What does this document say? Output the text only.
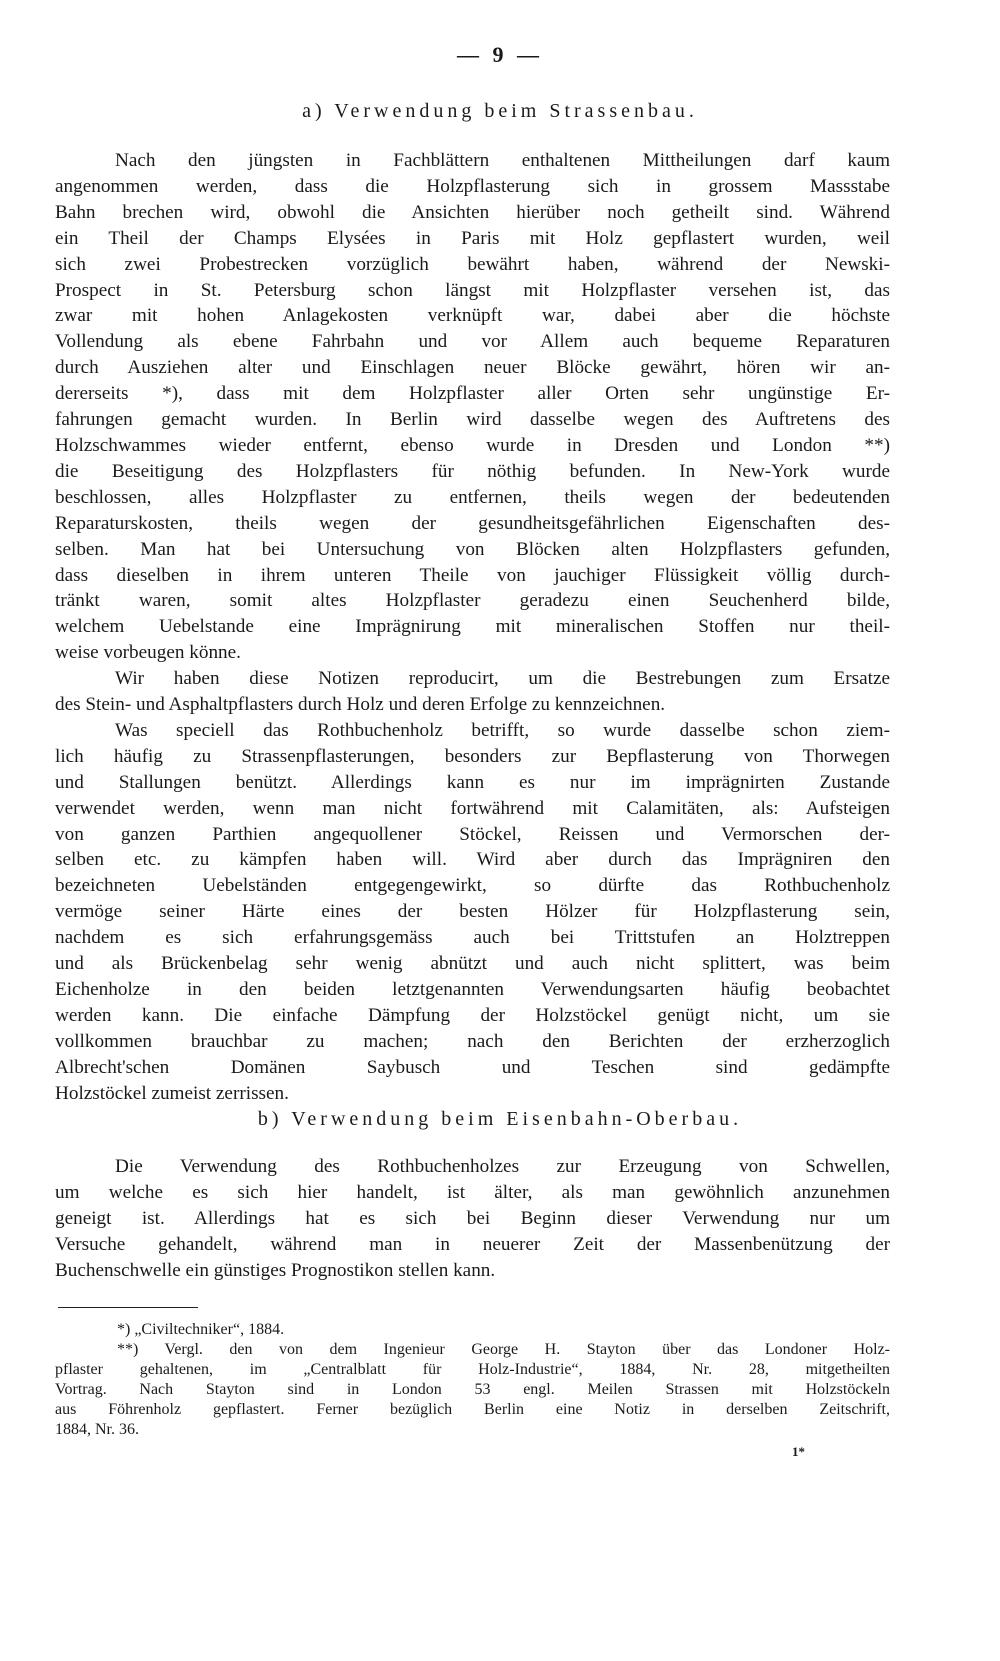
— 9 —
a) Verwendung beim Strassenbau.
Nach den jüngsten in Fachblättern enthaltenen Mittheilungen darf kaum
angenommen werden, dass die Holzpflasterung sich in grossem Massstabe
Bahn brechen wird, obwohl die Ansichten hierüber noch getheilt sind. Während
ein Theil der Champs Elysées in Paris mit Holz gepflastert wurden, weil
sich zwei Probestrecken vorzüglich bewährt haben, während der Newski-
Prospect in St. Petersburg schon längst mit Holzpflaster versehen ist, das
zwar mit hohen Anlagekosten verknüpft war, dabei aber die höchste
Vollendung als ebene Fahrbahn und vor Allem auch bequeme Reparaturen
durch Ausziehen alter und Einschlagen neuer Blöcke gewährt, hören wir an-
dererseits *), dass mit dem Holzpflaster aller Orten sehr ungünstige Er-
fahrungen gemacht wurden. In Berlin wird dasselbe wegen des Auftretens des
Holzschwammes wieder entfernt, ebenso wurde in Dresden und London **)
die Beseitigung des Holzpflasters für nöthig befunden. In New-York wurde
beschlossen, alles Holzpflaster zu entfernen, theils wegen der bedeutenden
Reparaturskosten, theils wegen der gesundheitsgefährlichen Eigenschaften des-
selben. Man hat bei Untersuchung von Blöcken alten Holzpflasters gefunden,
dass dieselben in ihrem unteren Theile von jauchiger Flüssigkeit völlig durch-
tränkt waren, somit altes Holzpflaster geradezu einen Seuchenherd bilde,
welchem Uebelstande eine Imprägnirung mit mineralischen Stoffen nur theil-
weise vorbeugen könne.
Wir haben diese Notizen reproducirt, um die Bestrebungen zum Ersatze
des Stein- und Asphaltpflasters durch Holz und deren Erfolge zu kennzeichnen.
Was speciell das Rothbuchenholz betrifft, so wurde dasselbe schon ziem-
lich häufig zu Strassenpflasterungen, besonders zur Bepflasterung von Thorwegen
und Stallungen benützt. Allerdings kann es nur im imprägnirten Zustande
verwendet werden, wenn man nicht fortwährend mit Calamitäten, als: Aufsteigen
von ganzen Parthien angequollener Stöckel, Reissen und Vermorschen der-
selben etc. zu kämpfen haben will. Wird aber durch das Imprägniren den
bezeichneten Uebelständen entgegengewirkt, so dürfte das Rothbuchenholz
vermöge seiner Härte eines der besten Hölzer für Holzpflasterung sein,
nachdem es sich erfahrungsgemäss auch bei Trittstufen an Holztreppen
und als Brückenbelag sehr wenig abnützt und auch nicht splittert, was beim
Eichenholze in den beiden letztgenannten Verwendungsarten häufig beobachtet
werden kann. Die einfache Dämpfung der Holzstöckel genügt nicht, um sie
vollkommen brauchbar zu machen; nach den Berichten der erzherzoglich
Albrecht'schen Domänen Saybusch und Teschen sind gedämpfte
Holzstöckel zumeist zerrissen.
b) Verwendung beim Eisenbahn-Oberbau.
Die Verwendung des Rothbuchenholzes zur Erzeugung von Schwellen,
um welche es sich hier handelt, ist älter, als man gewöhnlich anzunehmen
geneigt ist. Allerdings hat es sich bei Beginn dieser Verwendung nur um
Versuche gehandelt, während man in neuerer Zeit der Massenbenützung der
Buchenschwelle ein günstiges Prognostikon stellen kann.
*) „Civiltechniker“, 1884.
**) Vergl. den von dem Ingenieur George H. Stayton über das Londoner Holz-
pflaster gehaltenen, im „Centralblatt für Holz-Industrie“, 1884, Nr. 28, mitgetheilten
Vortrag. Nach Stayton sind in London 53 engl. Meilen Strassen mit Holzstöckeln
aus Föhrenholz gepflastert. Ferner bezüglich Berlin eine Notiz in derselben Zeitschrift,
1884, Nr. 36.
1*
